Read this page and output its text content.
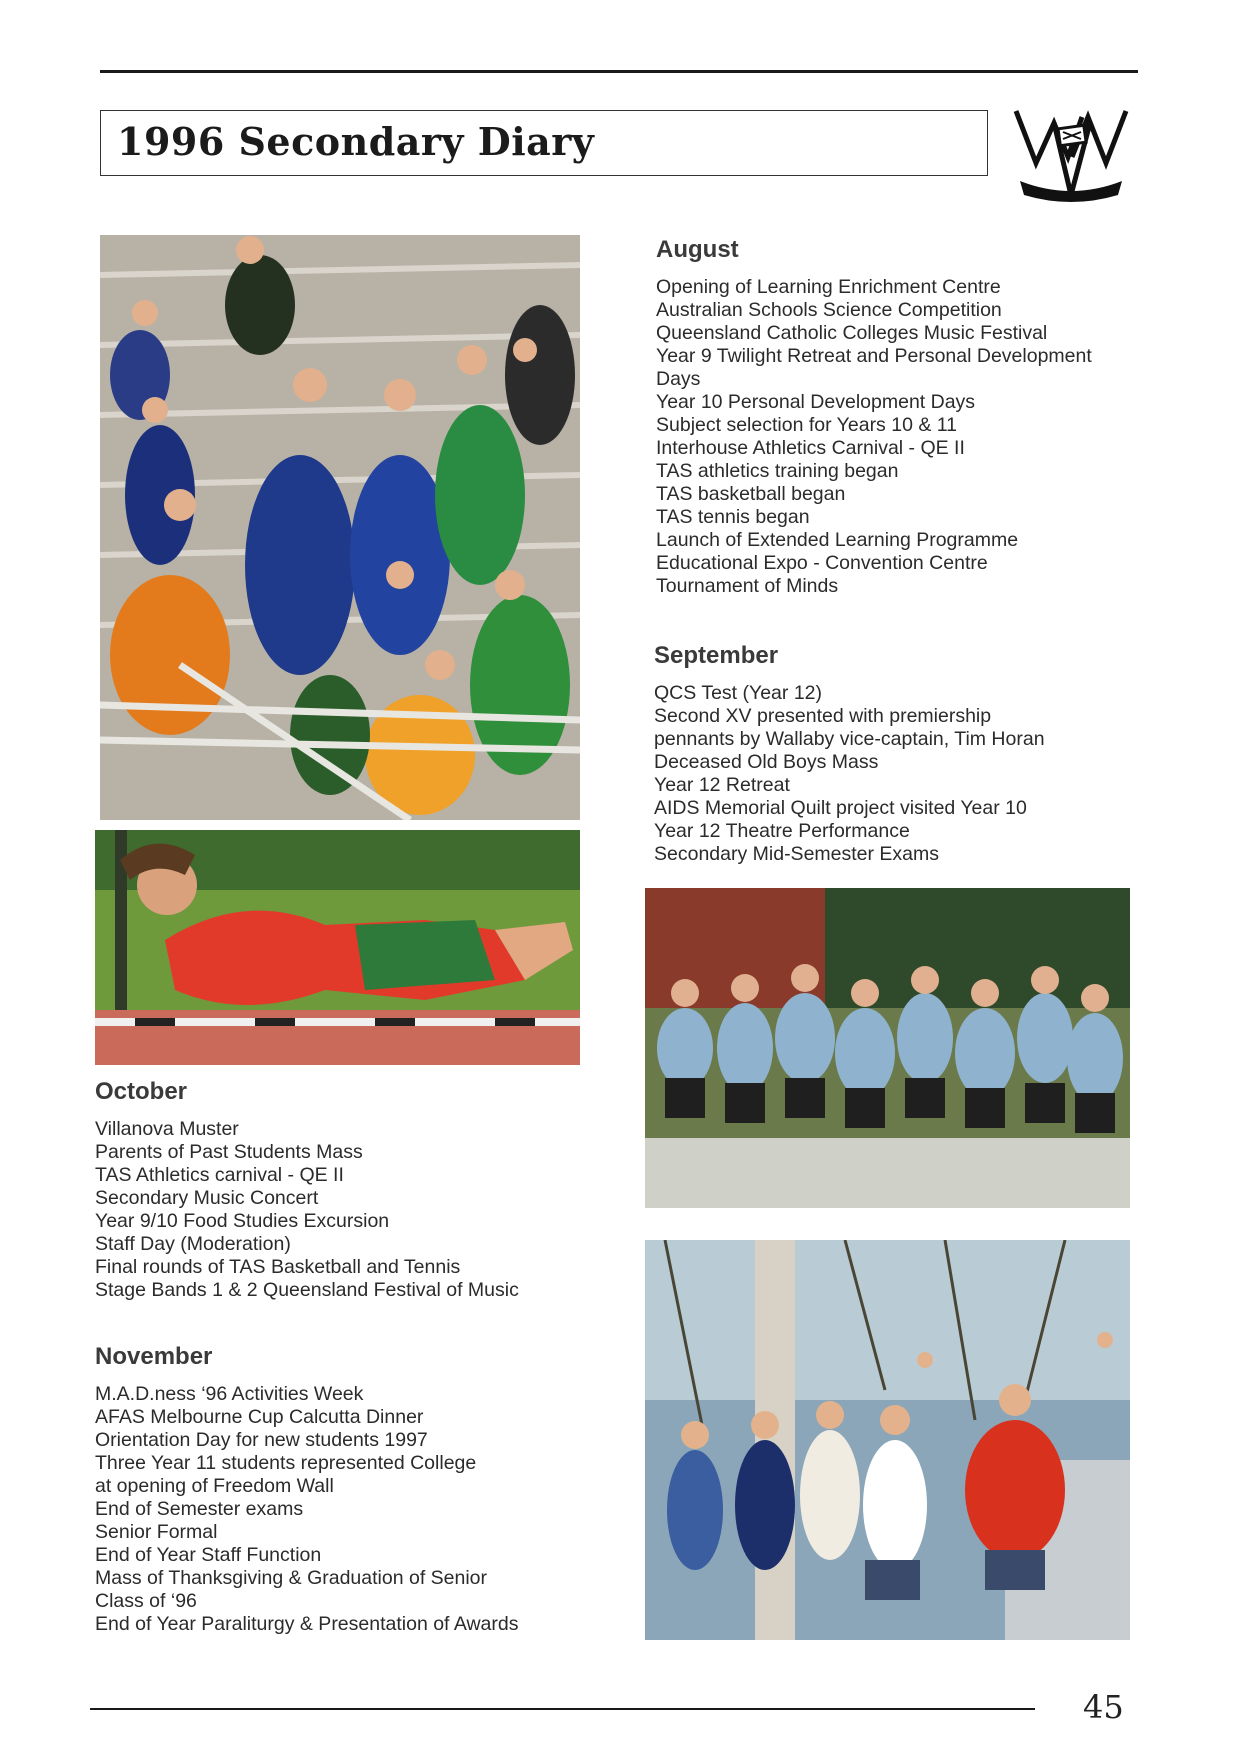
1996 Secondary Diary
August
Opening of Learning Enrichment Centre
Australian Schools Science Competition
Queensland Catholic Colleges Music Festival
Year 9 Twilight Retreat and Personal Development
Days
Year 10 Personal Development Days
Subject selection for Years 10 & 11
Interhouse Athletics Carnival - QE II
TAS athletics training began
TAS basketball began
TAS tennis began
Launch of Extended Learning Programme
Educational Expo - Convention Centre
Tournament of Minds
September
QCS Test (Year 12)
Second XV presented with premiership
pennants by Wallaby vice-captain, Tim Horan
Deceased Old Boys Mass
Year 12 Retreat
AIDS Memorial Quilt project visited Year 10
Year 12 Theatre Performance
Secondary Mid-Semester Exams
October
Villanova Muster
Parents of Past Students Mass
TAS Athletics carnival - QE II
Secondary Music Concert
Year 9/10 Food Studies Excursion
Staff Day (Moderation)
Final rounds of TAS Basketball and Tennis
Stage Bands 1 & 2 Queensland Festival of Music
November
M.A.D.ness ‘96 Activities Week
AFAS Melbourne Cup Calcutta Dinner
Orientation Day for new students 1997
Three Year 11 students represented College
at opening of Freedom Wall
End of Semester exams
Senior Formal
End of Year Staff Function
Mass of Thanksgiving & Graduation of Senior
Class of ‘96
End of Year Paraliturgy & Presentation of Awards
45
